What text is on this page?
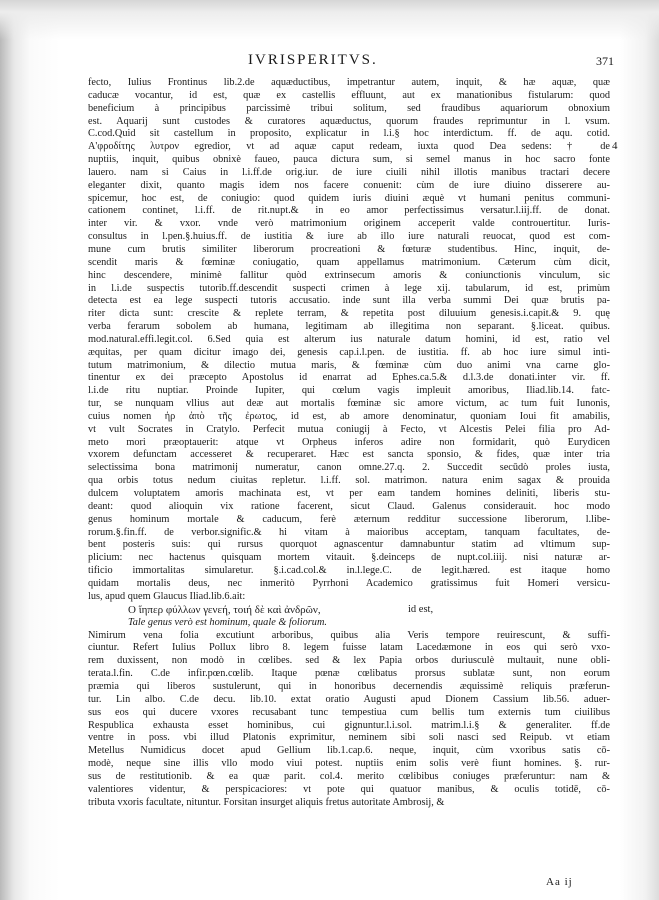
IVRISPERITVS.	371
4
fecto, Iulius Frontinus lib.2.de aquæductibus, impetrantur autem, inquit, & hæ aquæ, quæ
caducæ vocantur, id est, quæ ex castellis effluunt, aut ex manationibus fistularum: quod
beneficium à principibus parcissimè tribui solitum, sed fraudibus aquariorum obnoxium
est. Aquarij sunt custodes & curatores aquæductus, quorum fraudes reprimuntur in l. vsum.
C.cod.Quid sit castellum in proposito, explicatur in l.i.§ hoc interdictum. ff. de aqu. cotid.
A'φροδίτης λυτρον egredior, vt ad aquæ caput redeam, iuxta quod Dea sedens: † de
nuptiis, inquit, quibus obnixè faueo, pauca dictura sum, si semel manus in hoc sacro fonte
lauero. nam si Caius in l.i.ff.de orig.iur. de iure ciuili nihil illotis manibus tractari decere
eleganter dixit, quanto magis idem nos facere conuenit: cùm de iure diuino disserere au-
spicemur, hoc est, de coniugio: quod quidem iuris diuini æquè vt humani penitus communi-
cationem continet, l.i.ff. de rit.nupt.& in eo amor perfectissimus versatur.l.iij.ff. de donat.
inter vir. & vxor. vnde verò matrimonium originem acceperit valde controuertitur. Iuris-
consultus in l.pen.§.huius.ff. de iustitia & iure ab illo iure naturali reuocat, quod est com-
mune cum brutis similiter liberorum procreationi & fœturæ studentibus. Hinc, inquit, de-
scendit maris & fœminæ coniugatio, quam appellamus matrimonium. Cæterum cùm dicit,
hinc descendere, minimè fallitur quòd extrinsecum amoris & coniunctionis vinculum, sic
in l.i.de suspectis tutorib.ff.descendit suspecti crimen à lege xij. tabularum, id est, primùm
detecta est ea lege suspecti tutoris accusatio. inde sunt illa verba summi Dei quæ brutis pa-
riter dicta sunt: crescite & replete terram, & repetita post diluuium genesis.i.capit.& 9. quę
verba ferarum sobolem ab humana, legitimam ab illegitima non separant. §.liceat. quibus.
mod.natural.effi.legit.col. 6.Sed quia est alterum ius naturale datum homini, id est, ratio vel
æquitas, per quam dicitur imago dei, genesis cap.i.l.pen. de iustitia. ff. ab hoc iure simul inti-
tutum matrimonium, & dilectio mutua maris, & fœminæ cùm duo animi vna carne glo-
tinentur ex dei præcepto Apostolus id enarrat ad Ephes.ca.5.& d.l.3.de donati.inter vir. ff.
l.i.de ritu nuptiar. Proinde Iupiter, qui cœlum vagis impleuit amoribus, Iliad.lib.14. fatc-
tur, se nunquam vllius aut deæ aut mortalis fœminæ sic amore victum, ac tum fuit Iunonis,
cuius nomen ἡρ ἀπὸ τῆς ἐρωτος, id est, ab amore denominatur, quoniam Ioui fit amabilis,
vt vult Socrates in Cratylo. Perfecit mutua coniugij à Fecto, vt Alcestis Pelei filia pro Ad-
meto mori præoptauerit: atque vt Orpheus inferos adire non formidarit, quò Eurydicen
vxorem defunctam accesseret & recuperaret. Hæc est sancta sponsio, & fides, quæ inter tria
selectissima bona matrimonij numeratur, canon omne.27.q. 2. Succedit secūdò proles iusta,
qua orbis totus nedum ciuitas repletur. l.i.ff. sol. matrimon. natura enim sagax & prouida
dulcem voluptatem amoris machinata est, vt per eam tandem homines deliniti, liberis stu-
deant: quod alioquin vix ratione facerent, sicut Claud. Galenus considerauit. hoc modo
genus hominum mortale & caducum, ferè æternum redditur successione liberorum, l.libe-
rorum.§.fin.ff. de verbor.signific.& hi vitam à maioribus acceptam, tanquam facultates, de-
bent posteris suis: qui rursus quorquot agnascentur damnabuntur statim ad vltimum sup-
plicium: nec hactenus quisquam mortem vitauit. §.deinceps de nupt.col.iiij. nisi naturæ ar-
tificio immortalitas simularetur. §.i.cad.col.& in.l.lege.C. de legit.hæred. est itaque homo
quidam mortalis deus, nec inmeritò Pyrrhoni Academico gratissimus fuit Homeri versicu-
lus, apud quem Glaucus Iliad.lib.6.ait:
Ο ἵηπερ φύλλων γενεή, τοιή δὲ καὶ ἀνδρῶν,	id est,
Tale genus verò est hominum, quale & foliorum.
Nimirum vena folia excutiunt arboribus, quibus alia Veris tempore reuirescunt, & suffi-
ciuntur. Refert Iulius Pollux libro 8. legem fuisse latam Lacedæmone in eos qui serò vxo-
rem duxissent, non modò in cœlibes. sed & lex Papia orbos duriusculè multauit, nune obli-
terata.l.fin. C.de infir.pœn.cœlib. Itaque pœnæ cœlibatus prorsus sublatæ sunt, non eorum
præmia qui liberos sustulerunt, qui in honoribus decernendis æquissimè reliquis præferun-
tur. Lin albo. C.de decu. lib.10. extat oratio Augusti apud Dionem Cassium lib.56. aduer-
sus eos qui ducere vxores recusabant tunc tempestiua cum bellis tum externis tum ciuilibus
Respublica exhausta esset hominibus, cui gignuntur.l.i.sol. matrim.l.i.§ & generaliter. ff.de
ventre in poss. vbi illud Platonis exprimitur, neminem sibi soli nasci sed Reipub. vt etiam
Metellus Numidicus docet apud Gellium lib.1.cap.6. neque, inquit, cùm vxoribus satis cō-
modè, neque sine illis vllo modo viui potest. nuptiis enim solis verè fiunt homines. §. rur-
sus de restitutionib. & ea quæ parit. col.4. merito cœlibibus coniuges præferuntur: nam &
valentiores videntur, & perspicaciores: vt pote qui quatuor manibus, & oculis totidē, cō-
tributa vxoris facultate, nituntur. Forsitan insurget aliquis fretus autoritate Ambrosij, &
Aa ij
